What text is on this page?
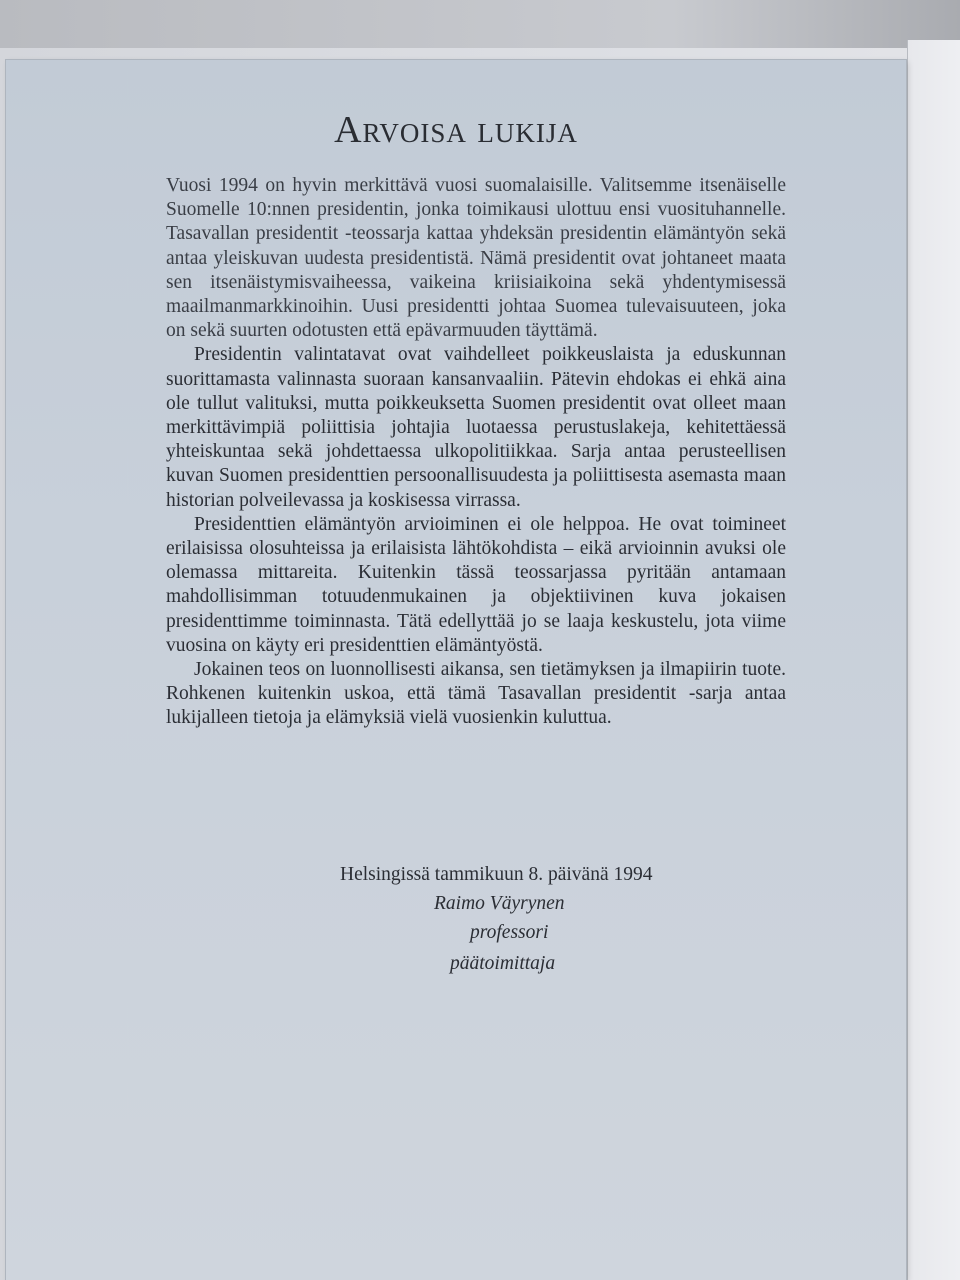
Arvoisa lukija

Vuosi 1994 on hyvin merkittävä vuosi suomalaisille. Valitsemme itsenäiselle Suomelle 10:nnen presidentin, jonka toimikausi ulottuu ensi vuosituhannelle. Tasavallan presidentit -teossarja kattaa yhdeksän presidentin elämäntyön sekä antaa yleiskuvan uudesta presidentistä. Nämä presidentit ovat johtaneet maata sen itsenäistymisvaiheessa, vaikeina kriisiaikoina sekä yhdentymisessä maailmanmarkkinoihin. Uusi presidentti johtaa Suomea tulevaisuuteen, joka on sekä suurten odotusten että epävarmuuden täyttämä.

Presidentin valintatavat ovat vaihdelleet poikkeuslaista ja eduskunnan suorittamasta valinnasta suoraan kansanvaaliin. Pätevin ehdokas ei ehkä aina ole tullut valituksi, mutta poikkeuksetta Suomen presidentit ovat olleet maan merkittävimpiä poliittisia johtajia luotaessa perustuslakeja, kehitettäessä yhteiskuntaa sekä johdettaessa ulkopolitiikkaa. Sarja antaa perusteellisen kuvan Suomen presidenttien persoonallisuudesta ja poliittisesta asemasta maan historian polveilevassa ja koskisessa virrassa.

Presidenttien elämäntyön arvioiminen ei ole helppoa. He ovat toimineet erilaisissa olosuhteissa ja erilaisista lähtökohdista – eikä arvioinnin avuksi ole olemassa mittareita. Kuitenkin tässä teossarjassa pyritään antamaan mahdollisimman totuudenmukainen ja objektiivinen kuva jokaisen presidenttimme toiminnasta. Tätä edellyttää jo se laaja keskustelu, jota viime vuosina on käyty eri presidenttien elämäntyöstä.

Jokainen teos on luonnollisesti aikansa, sen tietämyksen ja ilmapiirin tuote. Rohkenen kuitenkin uskoa, että tämä Tasavallan presidentit -sarja antaa lukijalleen tietoja ja elämyksiä vielä vuosienkin kuluttua.

Helsingissä tammikuun 8. päivänä 1994
Raimo Väyrynen
professori
päätoimittaja
